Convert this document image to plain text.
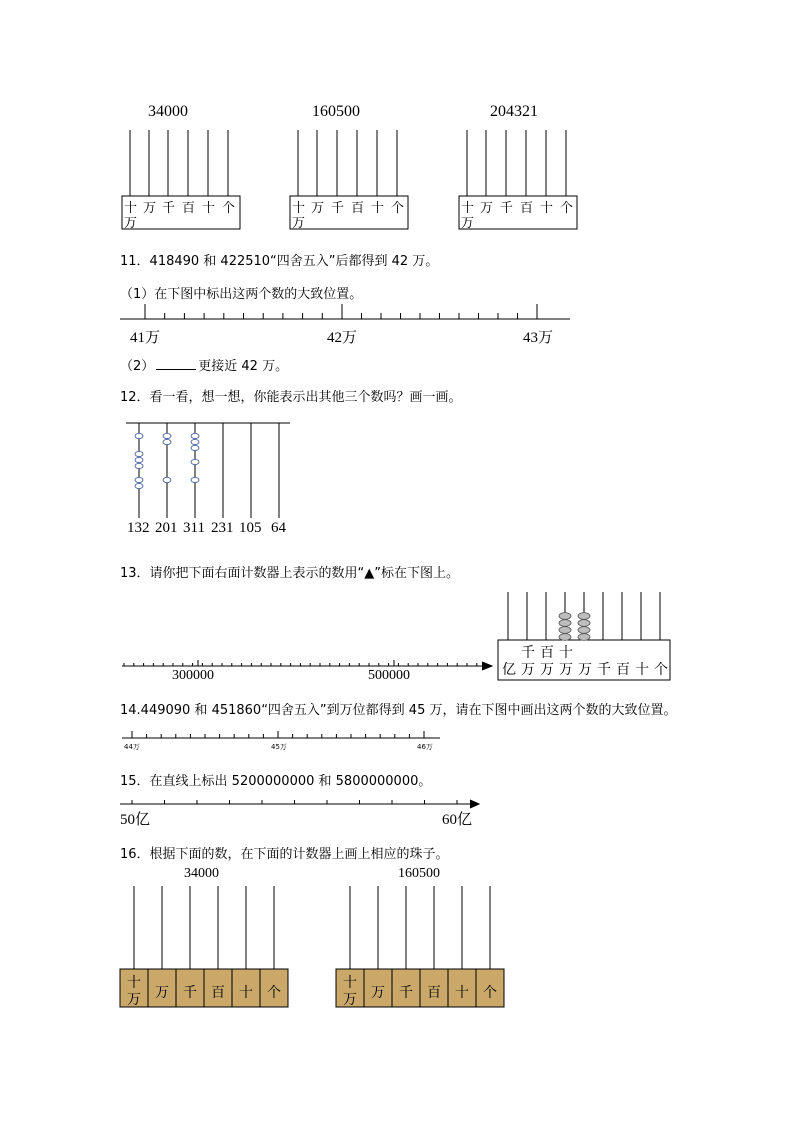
34000	160500	204321
十 万 千 百 十 个
万
十 万 千 百 十 个
万
十 万 千 百 十 个
万
11．418490 和 422510“四舍五入”后都得到 42 万。
（1）在下图中标出这两个数的大致位置。
41万	42万	43万
（2）	更接近 42 万。
12．看一看，想一想，你能表示出其他三个数吗？画一画。
132 201 311 231 105 64
13．请你把下面右面计数器上表示的数用“▲”标在下图上。
300000	500000
千 百 十
亿 万 万 万 万 千 百 十 个
14.449090 和 451860“四舍五入”到万位都得到 45 万，请在下图中画出这两个数的大致位置。
44万	45万	46万
15．在直线上标出 5200000000 和 5800000000。
50亿	60亿
16．根据下面的数，在下面的计数器上画上相应的珠子。
34000	160500
十
万 万 千 百 十 个
十
万 万 千 百 十 个
